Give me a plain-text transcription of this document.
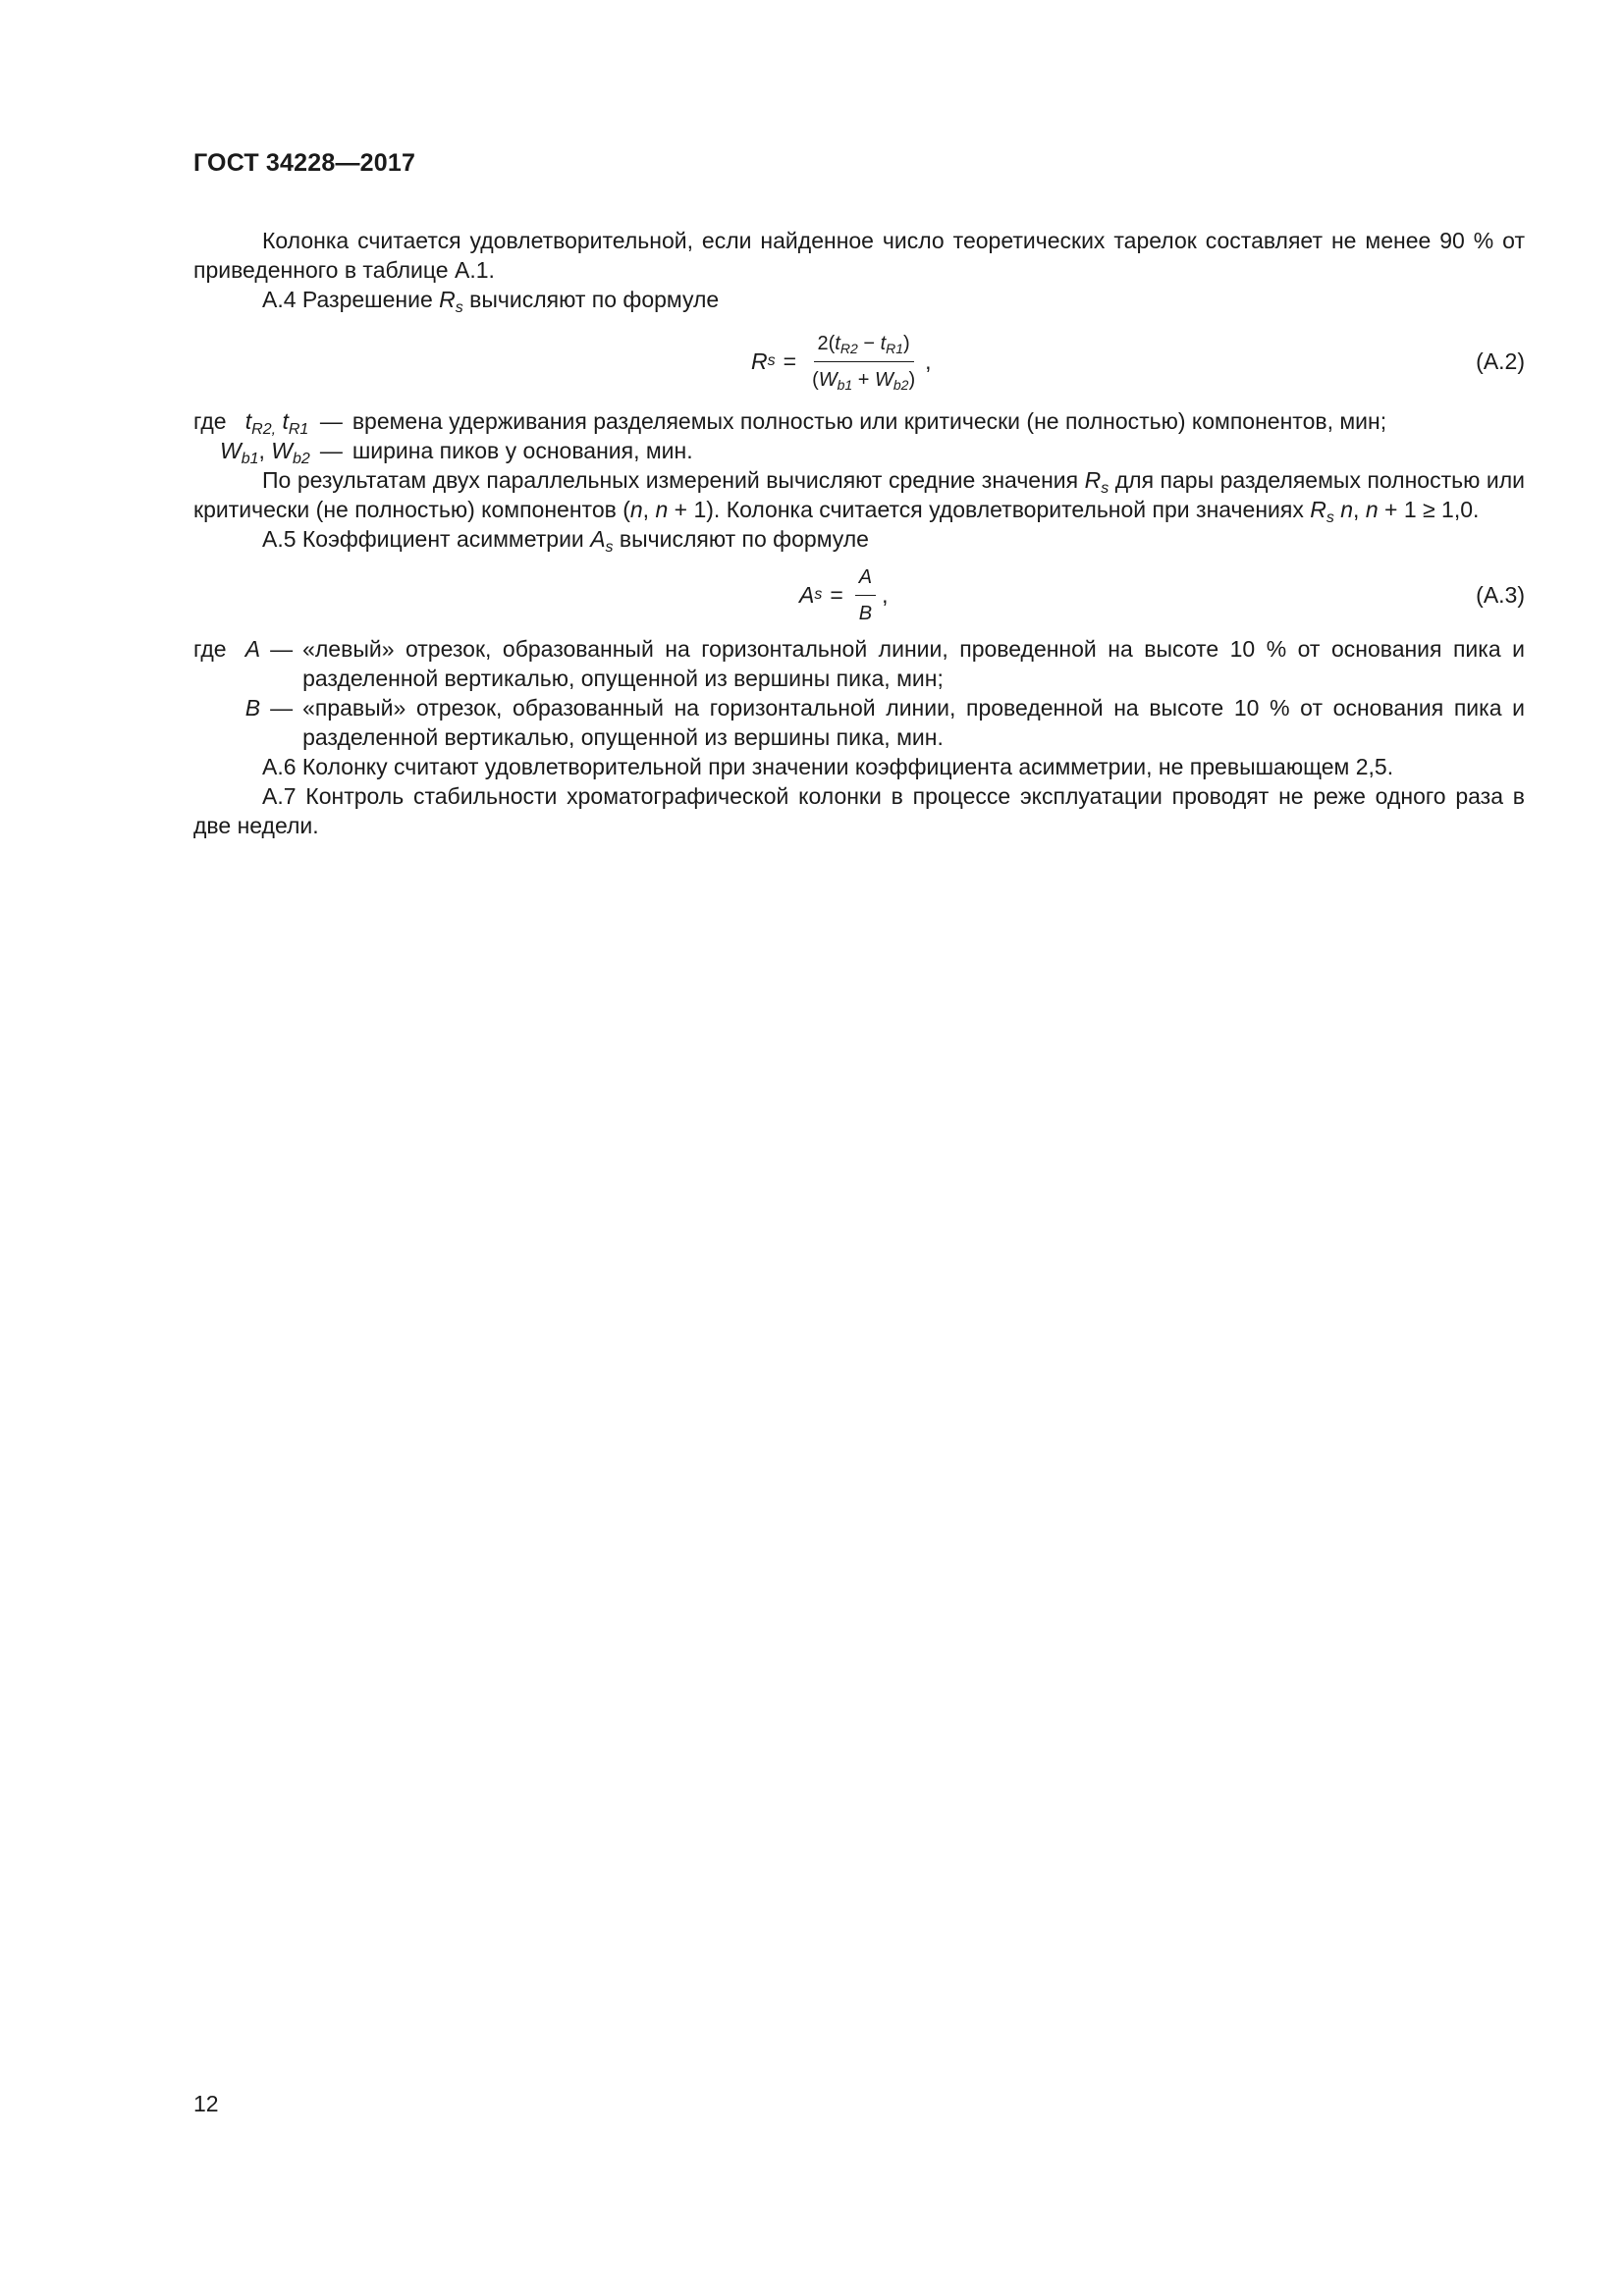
ГОСТ 34228—2017

Колонка считается удовлетворительной, если найденное число теоретических тарелок составляет не менее 90 % от приведенного в таблице А.1.

А.4 Разрешение $R_s$ вычисляют по формуле

R $s = \frac{2(t_{R2} - t_{R1})}{(W_{b1} + W_{b2})}$ ,	(А.2)
где $t_{R2,}$ $t_{R1}$ — времена удерживания разделяемых полностью или критически (не полностью) компонентов, мин;
$W_{b1}$, $W_{b2}$ — ширина пиков у основания, мин.

По результатам двух параллельных измерений вычисляют средние значения $R_s$ для пары разделяемых полностью или критически (не полностью) компонентов (n, n + 1). Колонка считается удовлетворительной при значениях $R_s$ n, n + 1 ≥ 1,0.

А.5 Коэффициент асимметрии $A_s$ вычисляют по формуле

A $s = \frac{A}{B}$ ,	(А.3)
где A — «левый» отрезок, образованный на горизонтальной линии, проведенной на высоте 10 % от основания пика и разделенной вертикалью, опущенной из вершины пика, мин;
B — «правый» отрезок, образованный на горизонтальной линии, проведенной на высоте 10 % от основания пика и разделенной вертикалью, опущенной из вершины пика, мин.

А.6 Колонку считают удовлетворительной при значении коэффициента асимметрии, не превышающем 2,5.

А.7 Контроль стабильности хроматографической колонки в процессе эксплуатации проводят не реже одного раза в две недели.

12
